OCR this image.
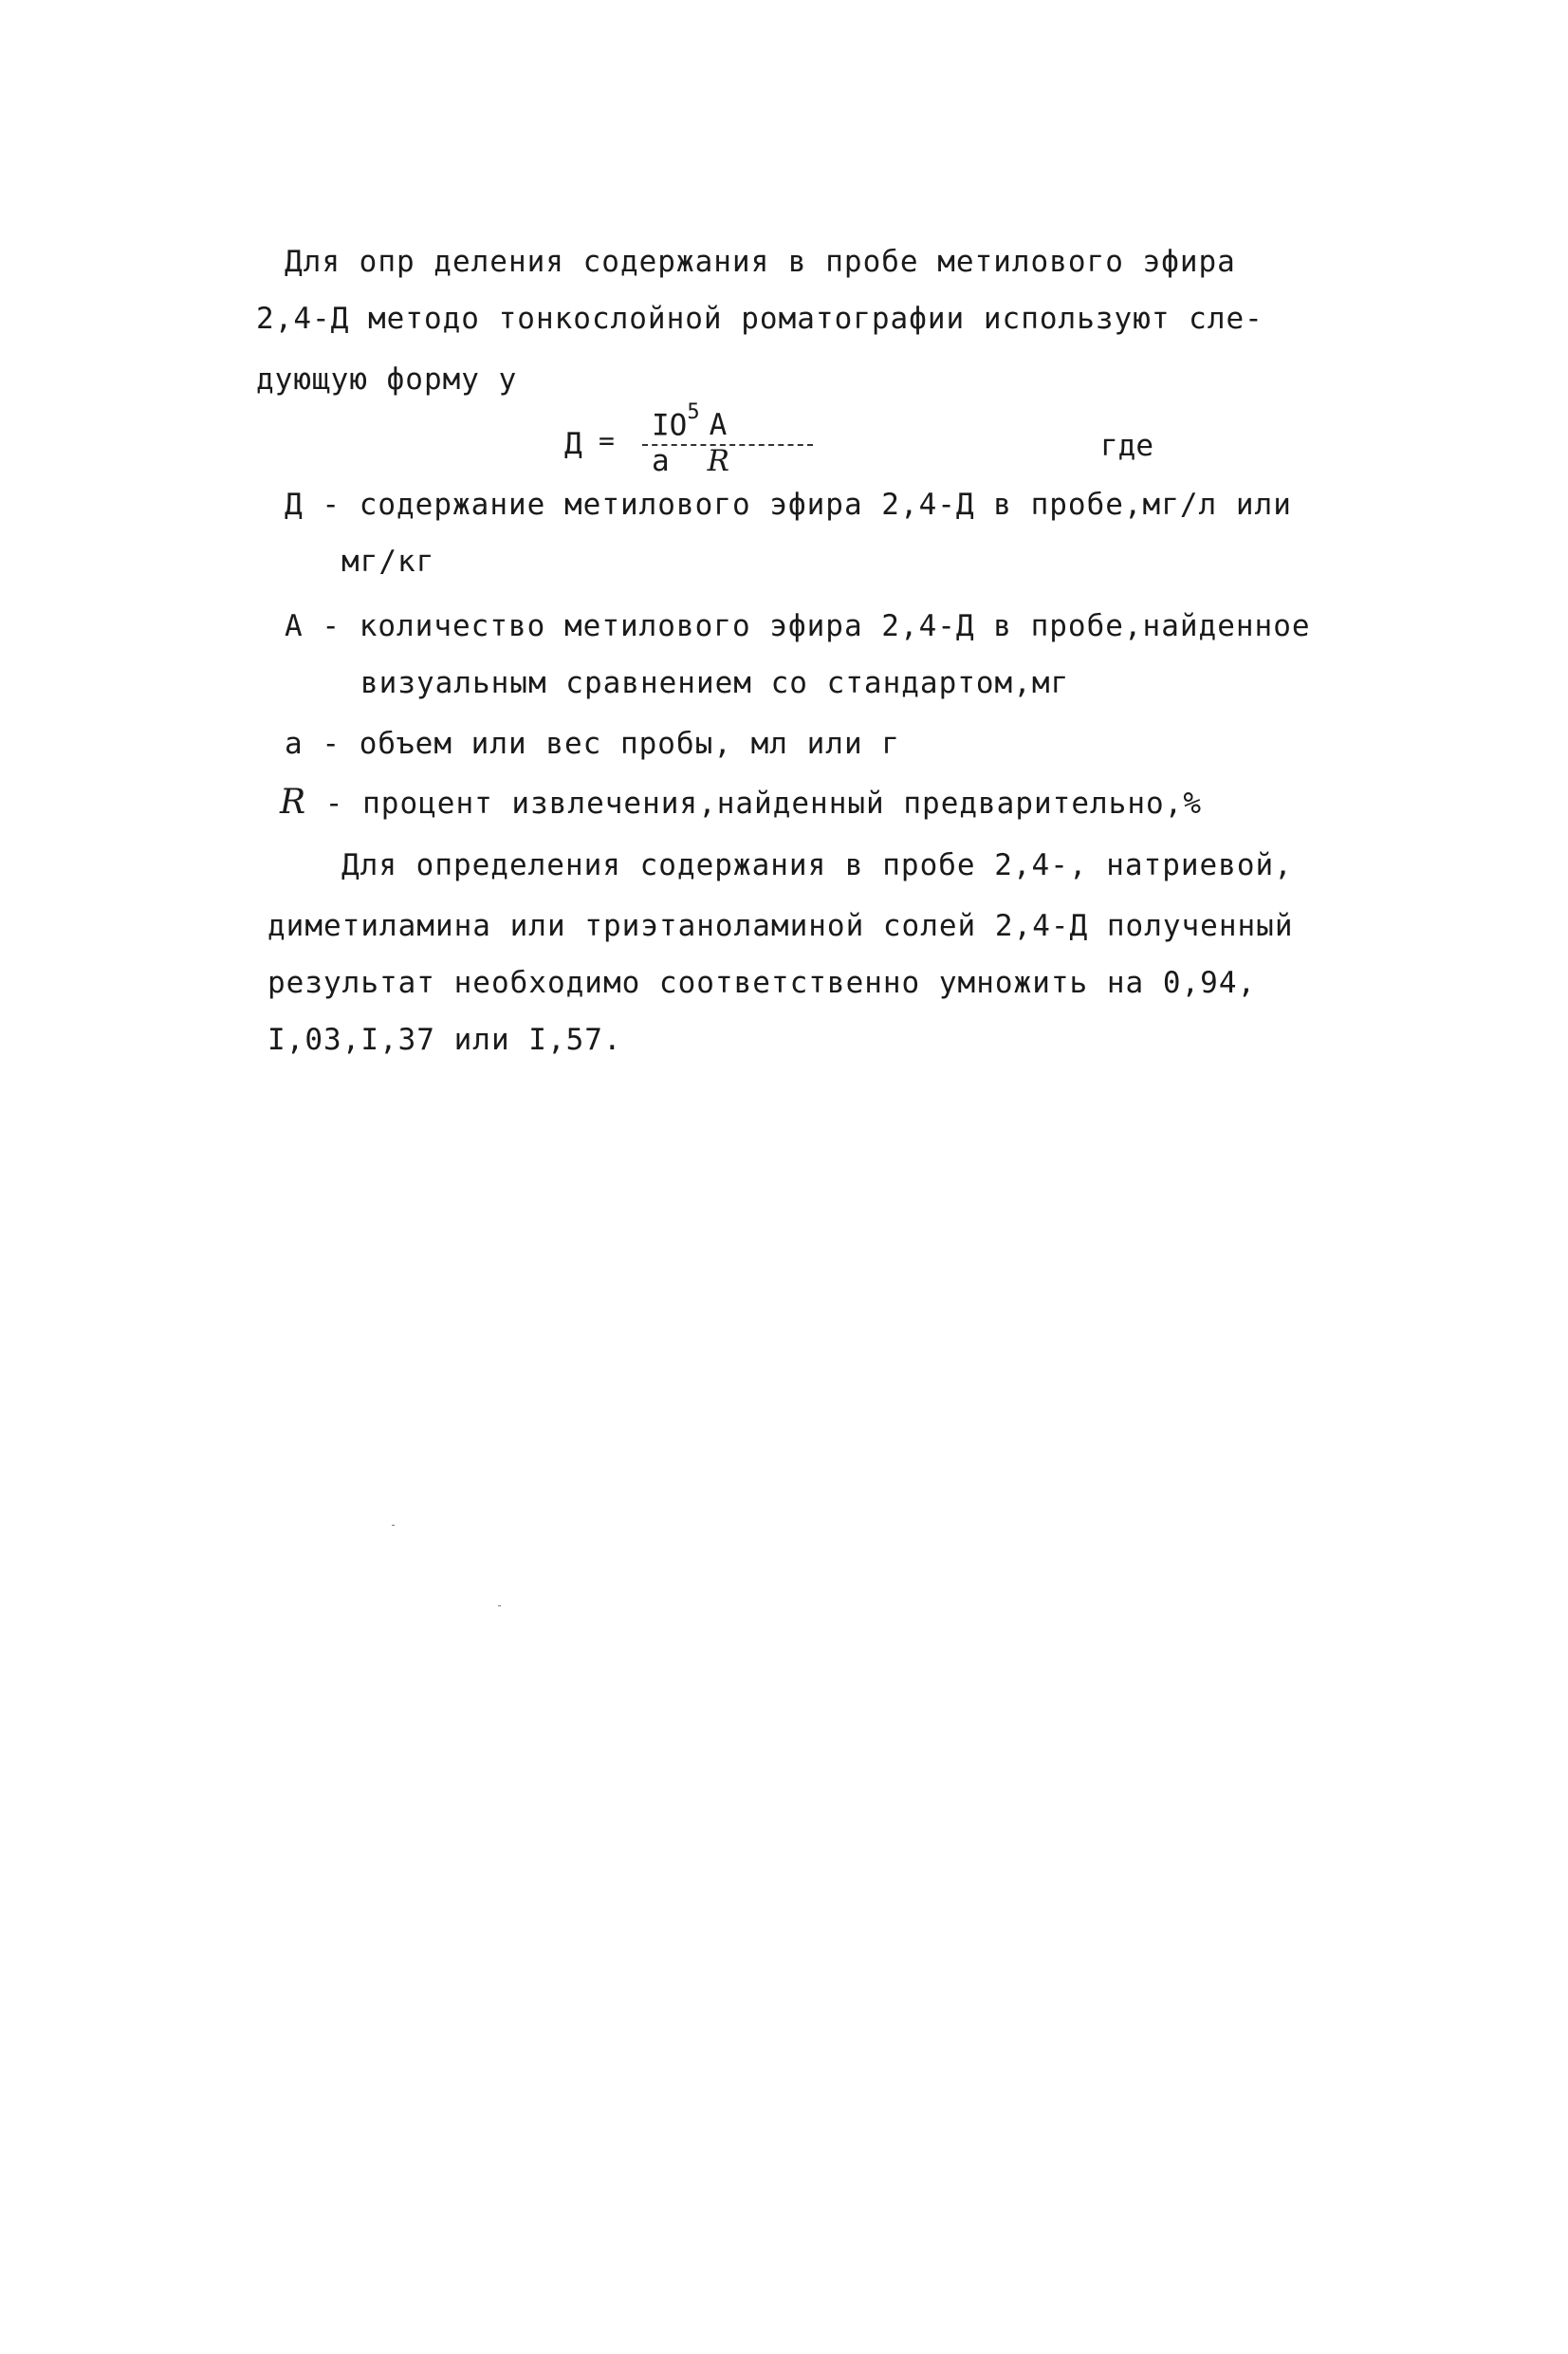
Для опр деления содержания в пробе метилового эфира
2,4-Д методо тонкослойной роматографии используют сле-
дующую форму у
$Д = IO^5$ А
а R	где
Д - содержание метилового эфира 2,4-Д в пробе,мг/л или
мг/кг
А - количество метилового эфира 2,4-Д в пробе,найденное
визуальным сравнением со стандартом,мг
а - объем или вес пробы, мл или г
R - процент извлечения,найденный предварительно,%
Для определения содержания в пробе 2,4-, натриевой,
диметиламина или триэтаноламиной солей 2,4-Д полученный
результат необходимо соответственно умножить на 0,94,
I,03,I,37 или I,57.
